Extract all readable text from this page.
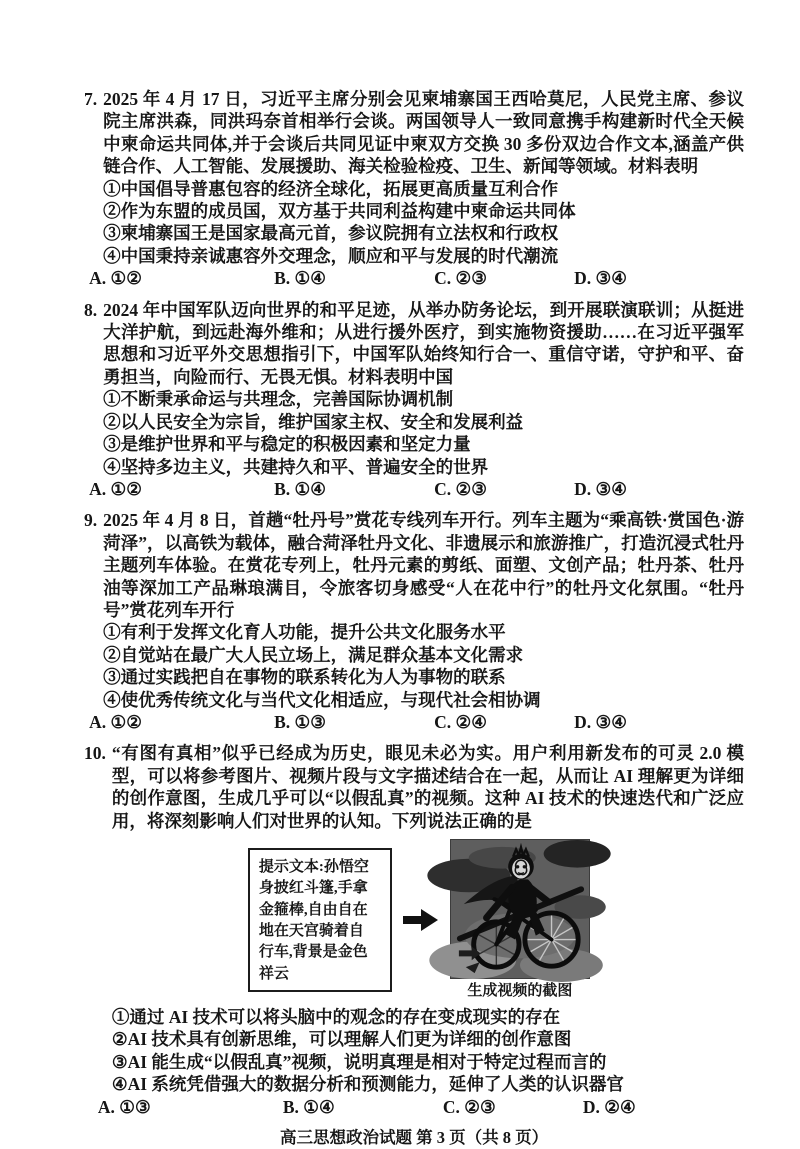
7. 2025 年 4 月 17 日，习近平主席分别会见柬埔寨国王西哈莫尼，人民党主席、参议院主席洪森，同洪玛奈首相举行会谈。两国领导人一致同意携手构建新时代全天候中柬命运共同体,并于会谈后共同见证中柬双方交换 30 多份双边合作文本,涵盖产供链合作、人工智能、发展援助、海关检验检疫、卫生、新闻等领域。材料表明
①中国倡导普惠包容的经济全球化，拓展更高质量互利合作
②作为东盟的成员国，双方基于共同利益构建中柬命运共同体
③柬埔寨国王是国家最高元首，参议院拥有立法权和行政权
④中国秉持亲诚惠容外交理念，顺应和平与发展的时代潮流
A. ①②	B. ①④	C. ②③	D. ③④
8. 2024 年中国军队迈向世界的和平足迹，从举办防务论坛，到开展联演联训；从挺进大洋护航，到远赴海外维和；从进行援外医疗，到实施物资援助……在习近平强军思想和习近平外交思想指引下，中国军队始终知行合一、重信守诺，守护和平、奋勇担当，向险而行、无畏无惧。材料表明中国
①不断秉承命运与共理念，完善国际协调机制
②以人民安全为宗旨，维护国家主权、安全和发展利益
③是维护世界和平与稳定的积极因素和坚定力量
④坚持多边主义，共建持久和平、普遍安全的世界
A. ①②	B. ①④	C. ②③	D. ③④
9. 2025 年 4 月 8 日，首趟“牡丹号”赏花专线列车开行。列车主题为“乘高铁·赏国色·游菏泽”，以高铁为载体，融合菏泽牡丹文化、非遗展示和旅游推广，打造沉浸式牡丹主题列车体验。在赏花专列上，牡丹元素的剪纸、面塑、文创产品；牡丹茶、牡丹油等深加工产品琳琅满目，令旅客切身感受“人在花中行”的牡丹文化氛围。“牡丹号”赏花列车开行
①有利于发挥文化育人功能，提升公共文化服务水平
②自觉站在最广大人民立场上，满足群众基本文化需求
③通过实践把自在事物的联系转化为人为事物的联系
④使优秀传统文化与当代文化相适应，与现代社会相协调
A. ①②	B. ①③	C. ②④	D. ③④
10. “有图有真相”似乎已经成为历史，眼见未必为实。用户利用新发布的可灵 2.0 模型，可以将参考图片、视频片段与文字描述结合在一起，从而让 AI 理解更为详细的创作意图，生成几乎可以“以假乱真”的视频。这种 AI 技术的快速迭代和广泛应用，将深刻影响人们对世界的认知。下列说法正确的是
提示文本:孙悟空
身披红斗篷,手拿
金箍棒,自由自在
地在天宫骑着自
行车,背景是金色
祥云
生成视频的截图
①通过 AI 技术可以将头脑中的观念的存在变成现实的存在
②AI 技术具有创新思维，可以理解人们更为详细的创作意图
③AI 能生成“以假乱真”视频，说明真理是相对于特定过程而言的
④AI 系统凭借强大的数据分析和预测能力，延伸了人类的认识器官
A. ①③	B. ①④	C. ②③	D. ②④
高三思想政治试题 第 3 页（共 8 页）
